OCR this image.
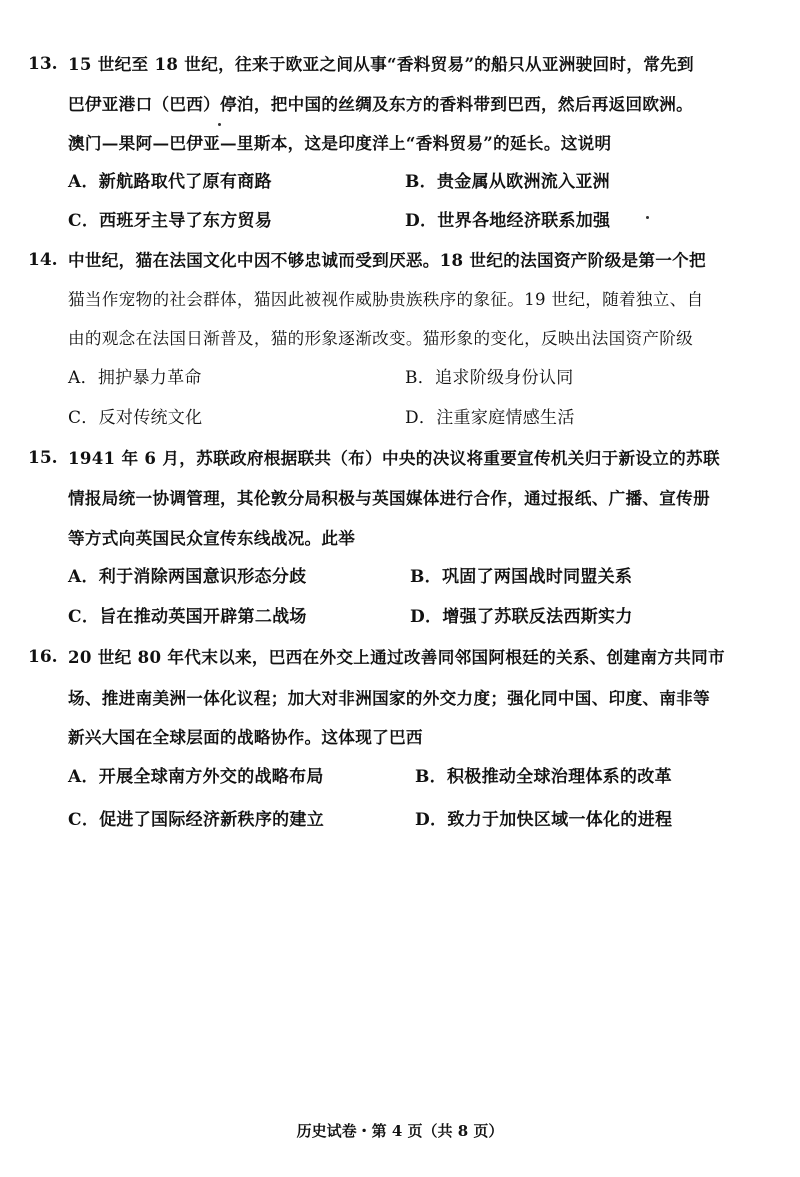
13. 15 世纪至 18 世纪，往来于欧亚之间从事“香料贸易”的船只从亚洲驶回时，常先到
巴伊亚港口（巴西）停泊，把中国的丝绸及东方的香料带到巴西，然后再返回欧洲。
澳门—果阿—巴伊亚—里斯本，这是印度洋上“香料贸易”的延长。这说明
A．新航路取代了原有商路	B．贵金属从欧洲流入亚洲
C．西班牙主导了东方贸易	D．世界各地经济联系加强
14. 中世纪，猫在法国文化中因不够忠诚而受到厌恶。18 世纪的法国资产阶级是第一个把
猫当作宠物的社会群体，猫因此被视作威胁贵族秩序的象征。19 世纪，随着独立、自
由的观念在法国日渐普及，猫的形象逐渐改变。猫形象的变化，反映出法国资产阶级
A．拥护暴力革命	B．追求阶级身份认同
C．反对传统文化	D．注重家庭情感生活
15. 1941 年 6 月，苏联政府根据联共（布）中央的决议将重要宣传机关归于新设立的苏联
情报局统一协调管理，其伦敦分局积极与英国媒体进行合作，通过报纸、广播、宣传册
等方式向英国民众宣传东线战况。此举
A．利于消除两国意识形态分歧	B．巩固了两国战时同盟关系
C．旨在推动英国开辟第二战场	D．增强了苏联反法西斯实力
16. 20 世纪 80 年代末以来，巴西在外交上通过改善同邻国阿根廷的关系、创建南方共同市
场、推进南美洲一体化议程；加大对非洲国家的外交力度；强化同中国、印度、南非等
新兴大国在全球层面的战略协作。这体现了巴西
A．开展全球南方外交的战略布局	B．积极推动全球治理体系的改革
C．促进了国际经济新秩序的建立	D．致力于加快区域一体化的进程
历史试卷・第 4 页（共 8 页）
